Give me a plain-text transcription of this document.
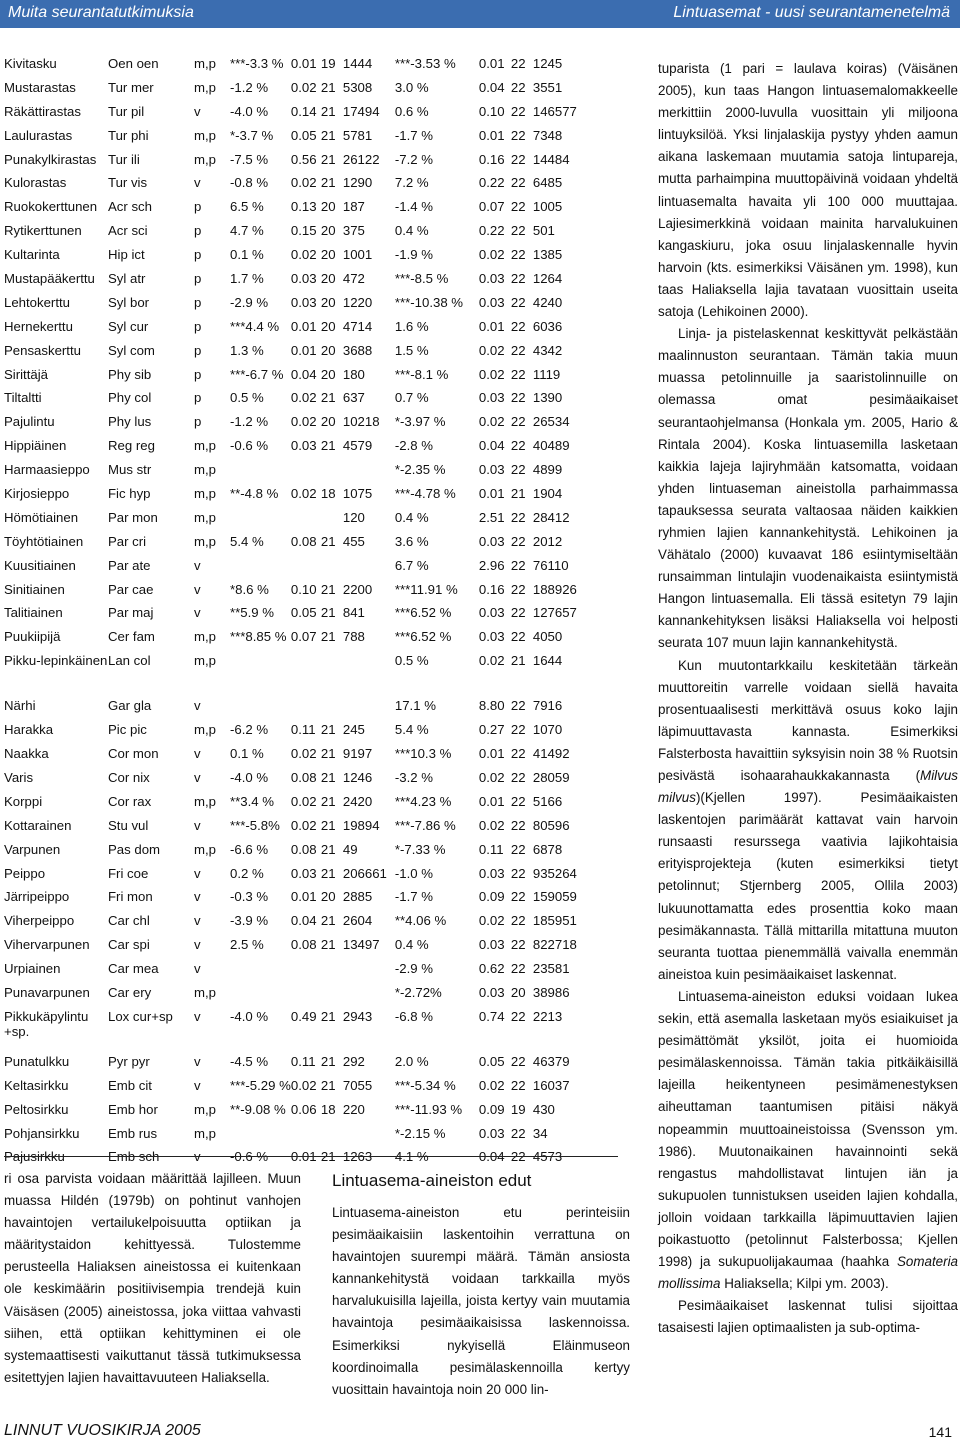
Muita seurantatutkimuksia	Lintuasemat - uusi seurantamenetelmä
Kivitasku	Oen oen	m,p	***-3.3 %	0.01	19	1444	***-3.53 %	0.01	22	1245
Mustarastas	Tur mer	m,p	-1.2 %	0.02	21	5308	3.0 %	0.04	22	3551
Räkättirastas	Tur pil	v	-4.0 %	0.14	21	17494	0.6 %	0.10	22	146577
Laulurastas	Tur phi	m,p	*-3.7 %	0.05	21	5781	-1.7 %	0.01	22	7348
Punakylkirastas	Tur ili	m,p	-7.5 %	0.56	21	26122	-7.2 %	0.16	22	14484
Kulorastas	Tur vis	v	-0.8 %	0.02	21	1290	7.2 %	0.22	22	6485
Ruokokerttunen	Acr sch	p	6.5 %	0.13	20	187	-1.4 %	0.07	22	1005
Rytikerttunen	Acr sci	p	4.7 %	0.15	20	375	0.4 %	0.22	22	501
Kultarinta	Hip ict	p	0.1 %	0.02	20	1001	-1.9 %	0.02	22	1385
Mustapääkerttu	Syl atr	p	1.7 %	0.03	20	472	***-8.5 %	0.03	22	1264
Lehtokerttu	Syl bor	p	-2.9 %	0.03	20	1220	***-10.38 %	0.03	22	4240
Hernekerttu	Syl cur	p	***4.4 %	0.01	20	4714	1.6 %	0.01	22	6036
Pensaskerttu	Syl com	p	1.3 %	0.01	20	3688	1.5 %	0.02	22	4342
Sirittäjä	Phy sib	p	***-6.7 %	0.04	20	180	***-8.1 %	0.02	22	1119
Tiltaltti	Phy col	p	0.5 %	0.02	21	637	0.7 %	0.03	22	1390
Pajulintu	Phy lus	p	-1.2 %	0.02	20	10218	*-3.97 %	0.02	22	26534
Hippiäinen	Reg reg	m,p	-0.6 %	0.03	21	4579	-2.8 %	0.04	22	40489
Harmaasieppo	Mus str	m,p					*-2.35 %	0.03	22	4899
Kirjosieppo	Fic hyp	m,p	**-4.8 %	0.02	18	1075	***-4.78 %	0.01	21	1904
Hömötiainen	Par mon	m,p				120	0.4 %	2.51	22	28412
Töyhtötiainen	Par cri	m,p	5.4 %	0.08	21	455	3.6 %	0.03	22	2012
Kuusitiainen	Par ate	v					6.7 %	2.96	22	76110
Sinitiainen	Par cae	v	*8.6 %	0.10	21	2200	***11.91 %	0.16	22	188926
Talitiainen	Par maj	v	**5.9 %	0.05	21	841	***6.52 %	0.03	22	127657
Puukiipijä	Cer fam	m,p	***8.85 %	0.07	21	788	***6.52 %	0.03	22	4050
Pikku-lepinkäinen	Lan col	m,p					0.5 %	0.02	21	1644
Närhi	Gar gla	v					17.1 %	8.80	22	7916
Harakka	Pic pic	m,p	-6.2 %	0.11	21	245	5.4 %	0.27	22	1070
Naakka	Cor mon	v	0.1 %	0.02	21	9197	***10.3 %	0.01	22	41492
Varis	Cor nix	v	-4.0 %	0.08	21	1246	-3.2 %	0.02	22	28059
Korppi	Cor rax	m,p	**3.4 %	0.02	21	2420	***4.23 %	0.01	22	5166
Kottarainen	Stu vul	v	***-5.8%	0.02	21	19894	***-7.86 %	0.02	22	80596
Varpunen	Pas dom	m,p	-6.6 %	0.08	21	49	*-7.33 %	0.11	22	6878
Peippo	Fri coe	v	0.2 %	0.03	21	206661	-1.0 %	0.03	22	935264
Järripeippo	Fri mon	v	-0.3 %	0.01	20	2885	-1.7 %	0.09	22	159059
Viherpeippo	Car chl	v	-3.9 %	0.04	21	2604	**4.06 %	0.02	22	185951
Vihervarpunen	Car spi	v	2.5 %	0.08	21	13497	0.4 %	0.03	22	822718
Urpiainen	Car mea	v					-2.9 %	0.62	22	23581
Punavarpunen	Car ery	m,p					*-2.72%	0.03	20	38986
Pikkukäpylintu +sp.	Lox cur+sp	v	-4.0 %	0.49	21	2943	-6.8 %	0.74	22	2213
Punatulkku	Pyr pyr	v	-4.5 %	0.11	21	292	2.0 %	0.05	22	46379
Keltasirkku	Emb cit	v	***-5.29 %	0.02	21	7055	***-5.34 %	0.02	22	16037
Peltosirkku	Emb hor	m,p	**-9.08 %	0.06	18	220	***-11.93 %	0.09	19	430
Pohjansirkku	Emb rus	m,p					*-2.15 %	0.03	22	34
Pajusirkku	Emb sch	v	-0.6 %	0.01	21	1263	4.1 %	0.04	22	4573

ri osa parvista voidaan määrittää lajilleen. Muun muassa Hildén (1979b) on pohtinut vanhojen havaintojen vertailukelpoisuutta optiikan ja määritystaidon kehittyessä. Tulostemme perusteella Haliaksen aineistossa ei kuitenkaan ole keskimäärin positiivisempia trendejä kuin Väisäsen (2005) aineistossa, joka viittaa vahvasti siihen, että optiikan kehittyminen ei ole systemaattisesti vaikuttanut tässä tutkimuksessa esitettyjen lajien havaittavuuteen Haliaksella.

Lintuasema-aineiston edut

Lintuasema-aineiston etu perinteisiin pesimäaikaisiin laskentoihin verrattuna on havaintojen suurempi määrä. Tämän ansiosta kannankehitystä voidaan tarkkailla myös harvalukuisilla lajeilla, joista kertyy vain muutamia havaintoja pesimäaikaisissa laskennoissa. Esimerkiksi nykyisellä Eläinmuseon koordinoimalla pesimälaskennoilla kertyy vuosittain havaintoja noin 20 000 lin-

tuparista (1 pari = laulava koiras) (Väisänen 2005), kun taas Hangon lintuasemalomakkeelle merkittiin 2000-luvulla vuosittain yli miljoona lintuyksilöä. Yksi linjalaskija pystyy yhden aamun aikana laskemaan muutamia satoja lintupareja, mutta parhaimpina muuttopäivinä voidaan yhdeltä lintuasemalta havaita yli 100 000 muuttajaa. Lajiesimerkkinä voidaan mainita harvalukuinen kangaskiuru, joka osuu linjalaskennalle hyvin harvoin (kts. esimerkiksi Väisänen ym. 1998), kun taas Haliaksella lajia tavataan vuosittain useita satoja (Lehikoinen 2000).

Linja- ja pistelaskennat keskittyvät pelkästään maalinnuston seurantaan. Tämän takia muun muassa petolinnuille ja saaristolinnuille on olemassa omat pesimäaikaiset seurantaohjelmansa (Honkala ym. 2005, Hario & Rintala 2004). Koska lintuasemilla lasketaan kaikkia lajeja lajiryhmään katsomatta, voidaan yhden lintuaseman aineistolla parhaimmassa tapauksessa seurata valtaosaa näiden kaikkien ryhmien lajien kannankehitystä. Lehikoinen ja Vähätalo (2000) kuvaavat 186 esiintymiseltään runsaimman lintulajin vuodenaikaista esiintymistä Hangon lintuasemalla. Eli tässä esitetyn 79 lajin kannankehityksen lisäksi Haliaksella voi helposti seurata 107 muun lajin kannankehitystä.

Kun muutontarkkailu keskitetään tärkeän muuttoreitin varrelle voidaan siellä havaita prosentuaalisesti merkittävä osuus koko lajin läpimuuttavasta kannasta. Esimerkiksi Falsterbosta havaittiin syksyisin noin 38 % Ruotsin pesivästä isohaarahaukkakannasta (Milvus milvus)(Kjellen 1997). Pesimäaikaisten laskentojen parimäärät kattavat vain harvoin runsaasti resurssega vaativia lajikohtaisia erityisprojekteja (kuten esimerkiksi tietyt petolinnut; Stjernberg 2005, Ollila 2003) lukuunottamatta edes prosenttia koko maan pesimäkannasta. Tällä mittarilla mitattuna muuton seuranta tuottaa pienemmällä vaivalla enemmän aineistoa kuin pesimäaikaiset laskennat.

Lintuasema-aineiston eduksi voidaan lukea sekin, että asemalla lasketaan myös esiaikuiset ja pesimättömät yksilöt, joita ei huomioida pesimälaskennoissa. Tämän takia pitkäikäisillä lajeilla heikentyneen pesimämenestyksen aiheuttaman taantumisen pitäisi näkyä nopeammin muuttoaineistoissa (Svensson ym. 1986). Muutonaikainen havainnointi sekä rengastus mahdollistavat lintujen iän ja sukupuolen tunnistuksen useiden lajien kohdalla, jolloin voidaan tarkkailla läpimuuttavien lajien poikastuotto (petolinnut Falsterbossa; Kjellen 1998) ja sukupuolijakaumaa (haahka Somateria mollissima Haliaksella; Kilpi ym. 2003).

Pesimäaikaiset laskennat tulisi sijoittaa tasaisesti lajien optimaalisten ja sub-optima-

LINNUT VUOSIKIRJA 2005	141
